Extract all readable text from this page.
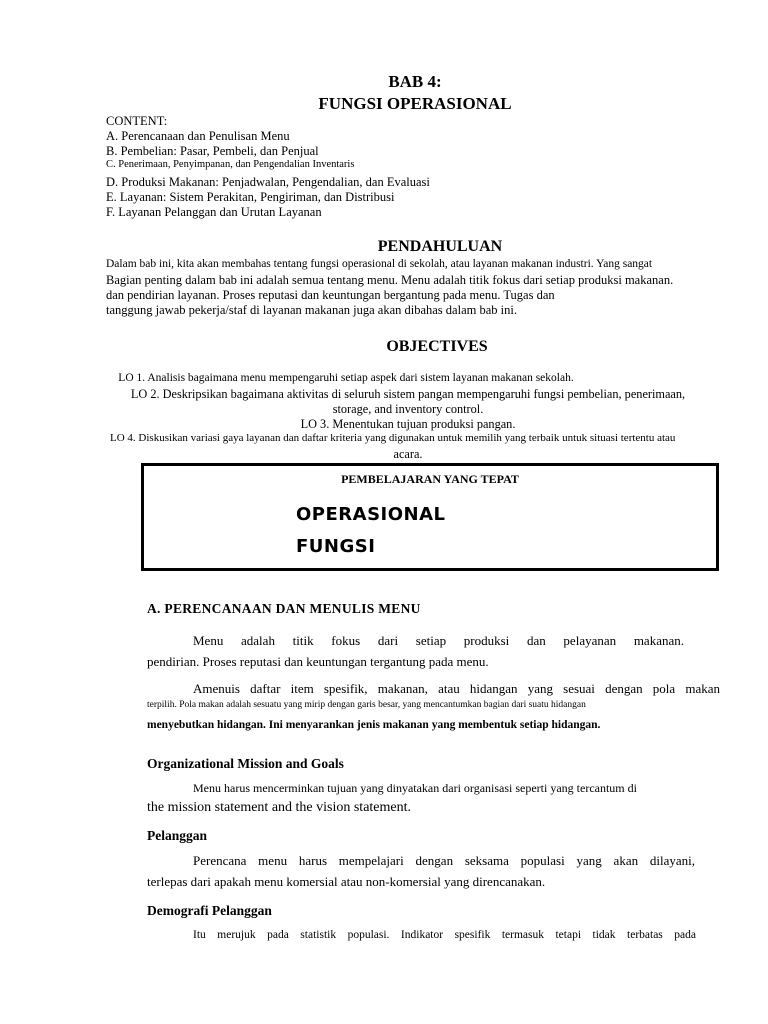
BAB 4:
FUNGSI OPERASIONAL
CONTENT:
A. Perencanaan dan Penulisan Menu
B. Pembelian: Pasar, Pembeli, dan Penjual
C. Penerimaan, Penyimpanan, dan Pengendalian Inventaris
D. Produksi Makanan: Penjadwalan, Pengendalian, dan Evaluasi
E. Layanan: Sistem Perakitan, Pengiriman, dan Distribusi
F. Layanan Pelanggan dan Urutan Layanan
PENDAHULUAN
Dalam bab ini, kita akan membahas tentang fungsi operasional di sekolah, atau layanan makanan industri. Yang sangat
Bagian penting dalam bab ini adalah semua tentang menu. Menu adalah titik fokus dari setiap produksi makanan.
dan pendirian layanan. Proses reputasi dan keuntungan bergantung pada menu. Tugas dan
tanggung jawab pekerja/staf di layanan makanan juga akan dibahas dalam bab ini.
OBJECTIVES
LO 1. Analisis bagaimana menu mempengaruhi setiap aspek dari sistem layanan makanan sekolah.
LO 2. Deskripsikan bagaimana aktivitas di seluruh sistem pangan mempengaruhi fungsi pembelian, penerimaan,
storage, and inventory control.
LO 3. Menentukan tujuan produksi pangan.
LO 4. Diskusikan variasi gaya layanan dan daftar kriteria yang digunakan untuk memilih yang terbaik untuk situasi tertentu atau
acara.
PEMBELAJARAN YANG TEPAT
OPERASIONAL
FUNGSI
A. PERENCANAAN DAN MENULIS MENU
Menu adalah titik fokus dari setiap produksi dan pelayanan makanan.
pendirian. Proses reputasi dan keuntungan tergantung pada menu.
Amenuis daftar item spesifik, makanan, atau hidangan yang sesuai dengan pola makan
terpilih. Pola makan adalah sesuatu yang mirip dengan garis besar, yang mencantumkan bagian dari suatu hidangan
menyebutkan hidangan. Ini menyarankan jenis makanan yang membentuk setiap hidangan.
Organizational Mission and Goals
Menu harus mencerminkan tujuan yang dinyatakan dari organisasi seperti yang tercantum di
the mission statement and the vision statement.
Pelanggan
Perencana menu harus mempelajari dengan seksama populasi yang akan dilayani,
terlepas dari apakah menu komersial atau non-komersial yang direncanakan.
Demografi Pelanggan
Itu merujuk pada statistik populasi. Indikator spesifik termasuk tetapi tidak terbatas pada
